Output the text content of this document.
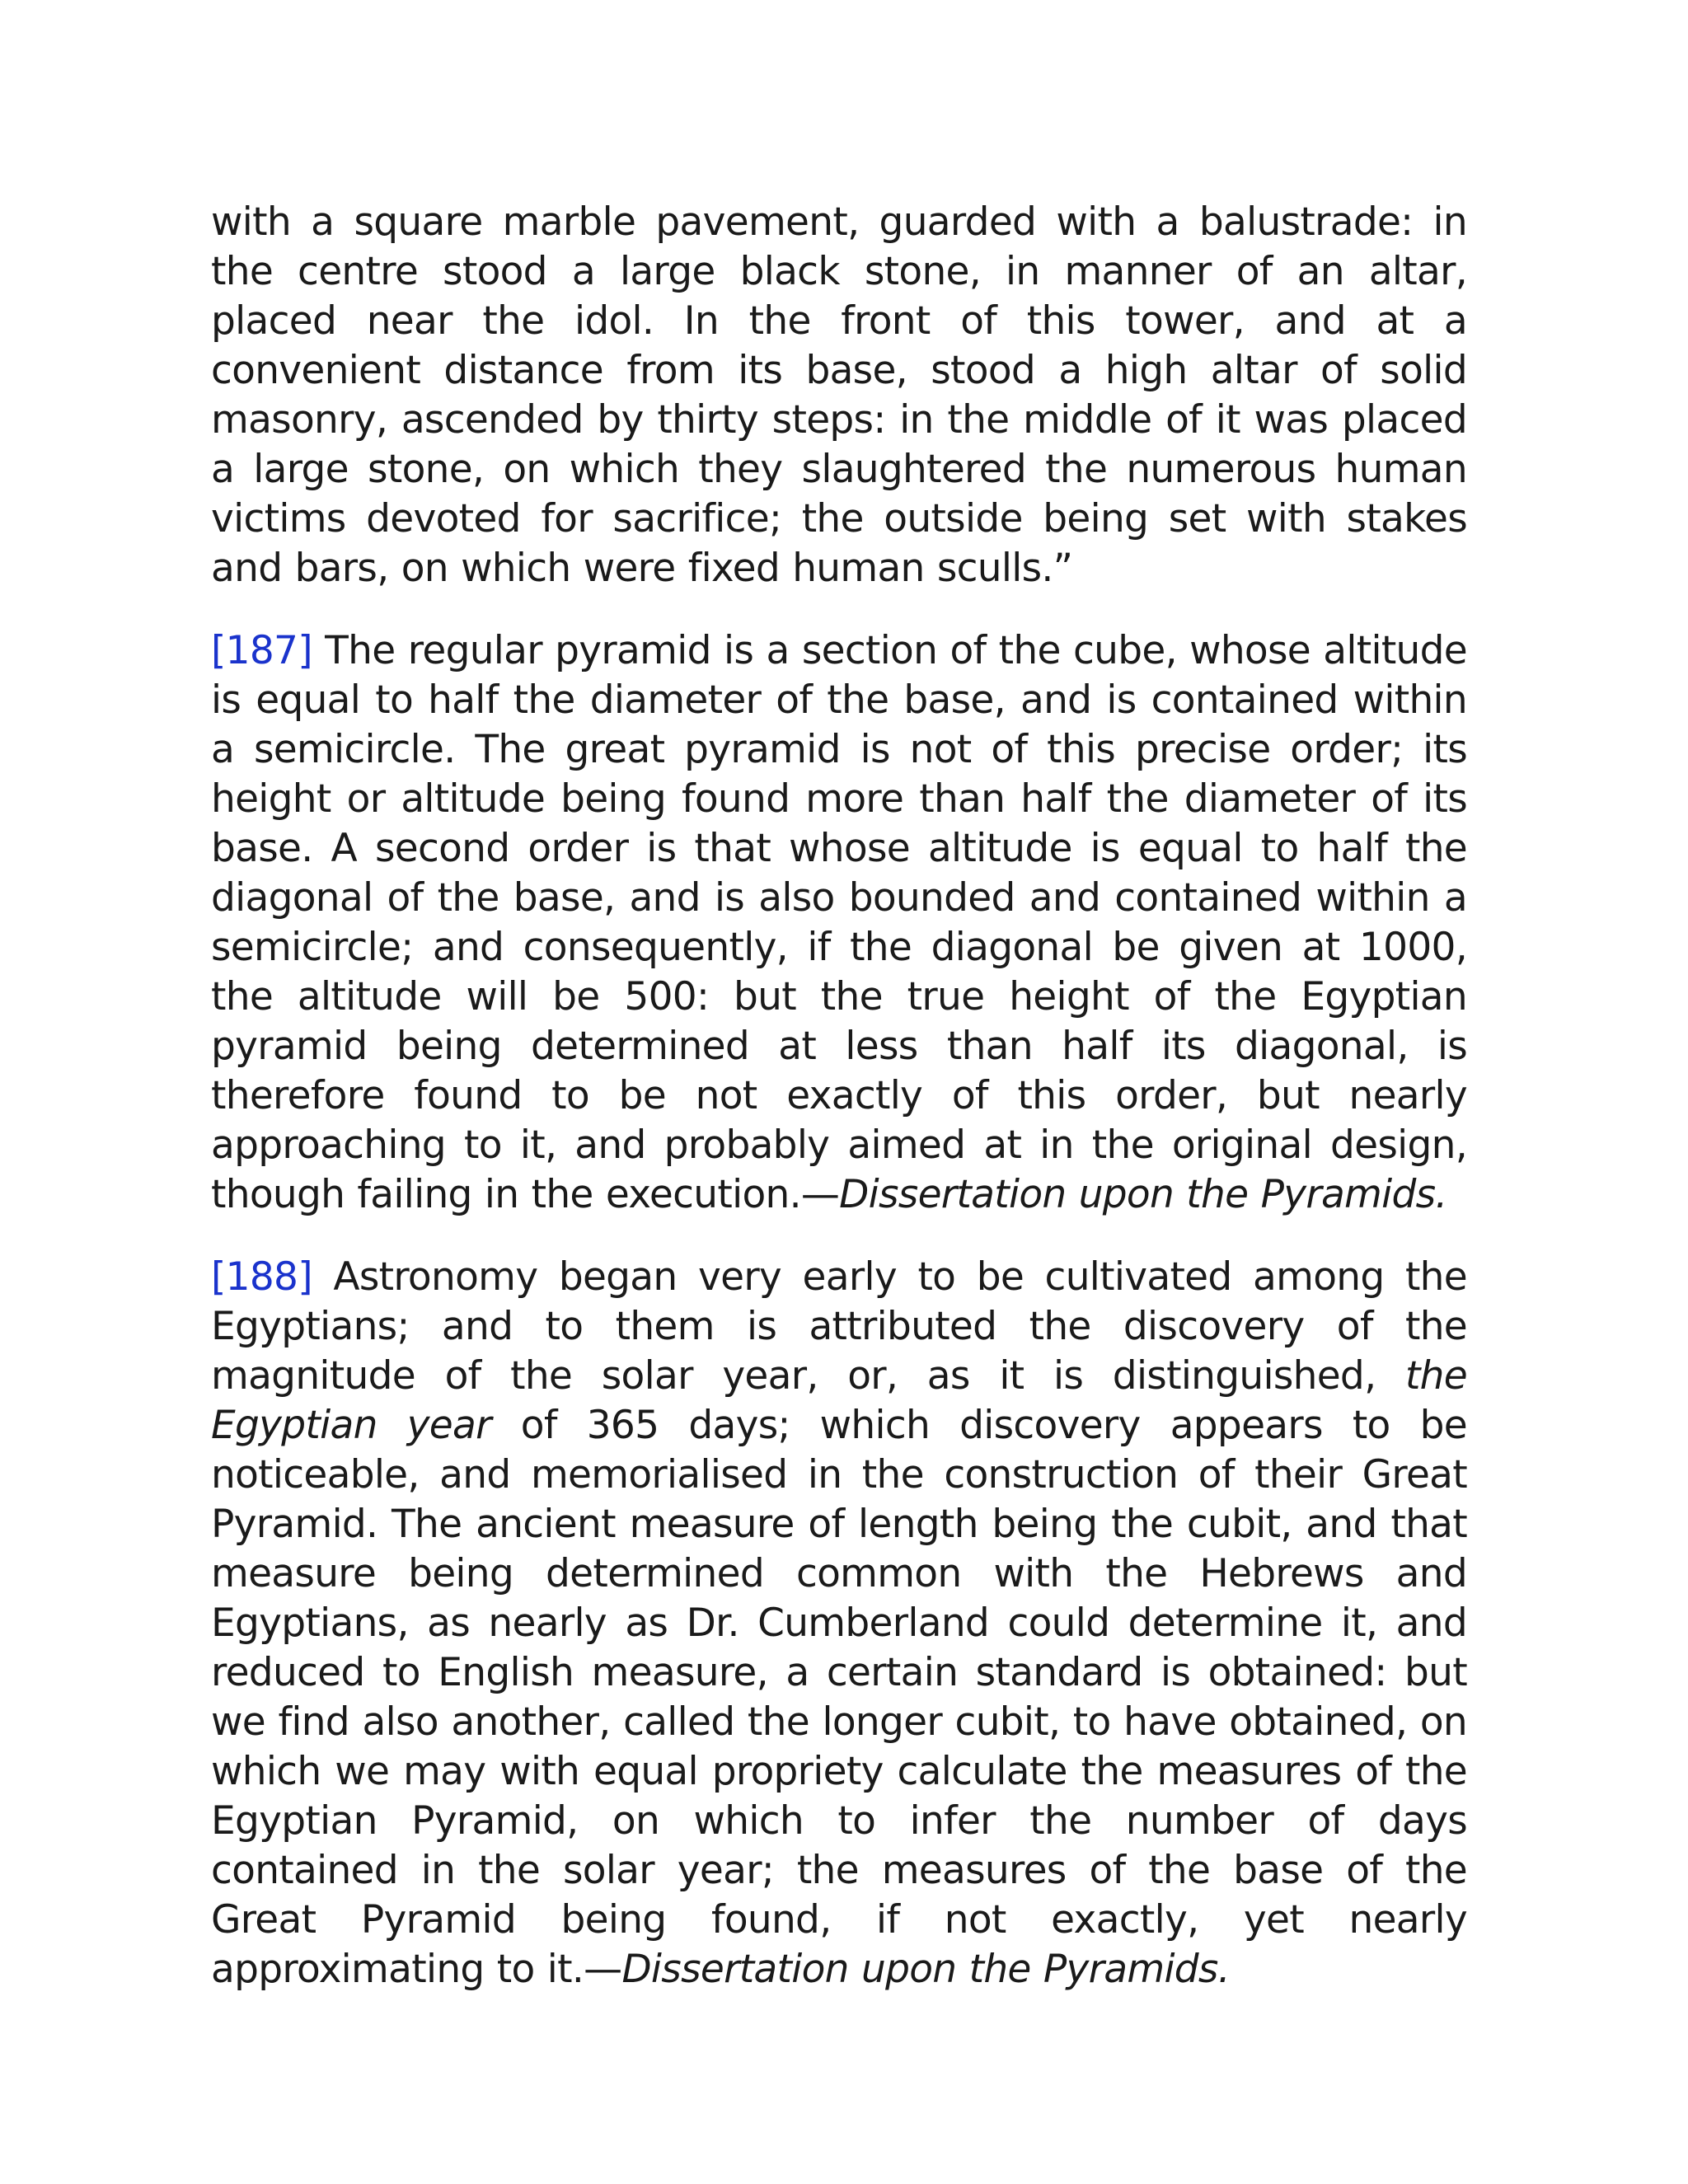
with a square marble pavement, guarded with a balustrade: in the centre stood a large black stone, in manner of an altar, placed near the idol. In the front of this tower, and at a convenient distance from its base, stood a high altar of solid masonry, ascended by thirty steps: in the middle of it was placed a large stone, on which they slaughtered the numerous human victims devoted for sacrifice; the outside being set with stakes and bars, on which were fixed human sculls.”

[187] The regular pyramid is a section of the cube, whose altitude is equal to half the diameter of the base, and is contained within a semicircle. The great pyramid is not of this precise order; its height or altitude being found more than half the diameter of its base. A second order is that whose altitude is equal to half the diagonal of the base, and is also bounded and contained within a semicircle; and consequently, if the diagonal be given at 1000, the altitude will be 500: but the true height of the Egyptian pyramid being determined at less than half its diagonal, is therefore found to be not exactly of this order, but nearly approaching to it, and probably aimed at in the original design, though failing in the execution.—Dissertation upon the Pyramids.

[188] Astronomy began very early to be cultivated among the Egyptians; and to them is attributed the discovery of the magnitude of the solar year, or, as it is distinguished, the Egyptian year of 365 days; which discovery appears to be noticeable, and memorialised in the construction of their Great Pyramid. The ancient measure of length being the cubit, and that measure being determined common with the Hebrews and Egyptians, as nearly as Dr. Cumberland could determine it, and reduced to English measure, a certain standard is obtained: but we find also another, called the longer cubit, to have obtained, on which we may with equal propriety calculate the measures of the Egyptian Pyramid, on which to infer the number of days contained in the solar year; the measures of the base of the Great Pyramid being found, if not exactly, yet nearly approximating to it.—Dissertation upon the Pyramids.
